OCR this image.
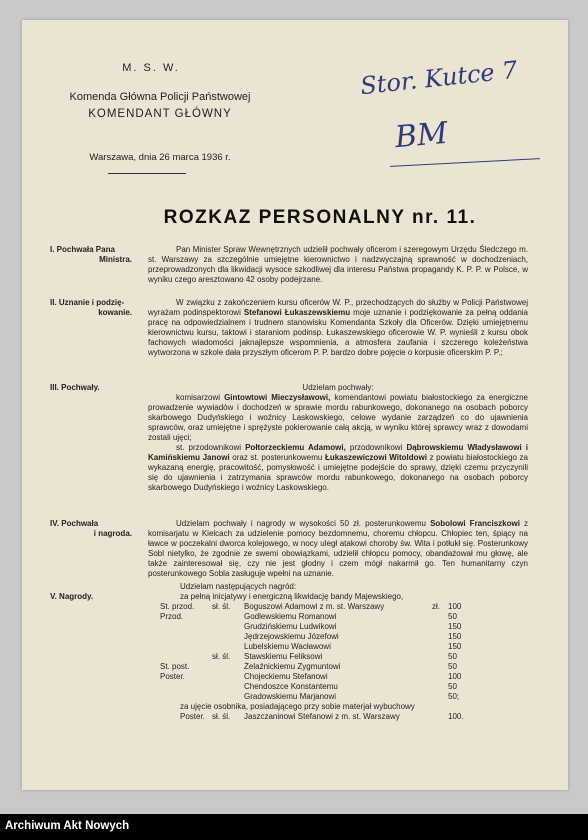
M. S. W.
Komenda Główna Policji Państwowej
KOMENDANT GŁÓWNY
Warszawa, dnia 26 marca 1936 r.
Stor. Kutce 7
BM
ROZKAZ PERSONALNY nr. 11.
I. Pochwała Pana
Ministra.

Pan Minister Spraw Wewnętrznych udzielił pochwały oficerom i szeregowym Urzędu Śledczego m. st. Warszawy za szczególnie umiejętne kierownictwo i nadzwyczajną sprawność w dochodzeniach, przeprowadzonych dla likwidacji wysoce szkodliwej dla interesu Państwa propagandy K. P. P. w Polsce, w wyniku czego aresztowano 42 osoby podejrzane.

II. Uznanie i podzię-
kowanie.

W związku z zakończeniem kursu oficerów W. P., przechodzących do służby w Policji Państwowej wyrażam podinspektorowi Stefanowi Łukaszewskiemu moje uznanie i podziękowanie za pełną oddania pracę na odpowiedzialnem i trudnem stanowisku Komendanta Szkoły dla Oficerów. Dzięki umiejętnemu kierownictwu kursu, taktowi i staraniom podinsp. Łukaszewskiego oficerowie W. P. wynieśli z kursu obok fachowych wiadomości jaknajlepsze wspomnienia, a atmosfera zaufania i szczerego koleżeństwa wytworzona w szkole dała przyszłym oficerom P. P. bardzo dobre pojęcie o korpusie oficerskim P. P.;

III. Pochwały.	Udzielam pochwały:

komisarzowi Gintowtowi Mieczysławowi, komendantowi powiatu białostockiego za energiczne prowadzenie wywiadów i dochodzeń w sprawie mordu rabunkowego, dokonanego na osobach poborcy skarbowego Dudyńskiego i woźnicy Laskowskiego, celowe wydanie zarządzeń co do ujawnienia sprawców, oraz umiejętne i sprężyste pokierowanie całą akcją, w wyniku której sprawcy wraz z dowodami zostali ujęci;

st. przodownikowi Połtorzeckiemu Adamowi, przodownikowi Dąbrowskiemu Władysławowi i Kamińskiemu Janowi oraz st. posterunkowemu Łukaszewiczowi Witoldowi z powiatu białostockiego za wykazaną energię, pracowitość, pomysłowość i umiejętne podejście do sprawy, dzięki czemu przyczynili się do ujawnienia i zatrzymania sprawców mordu rabunkowego, dokonanego na osobach poborcy skarbowego Dudyńskiego i woźnicy Laskowskiego.

IV. Pochwała
i nagroda.

Udzielam pochwały i nagrody w wysokości 50 zł. posterunkowemu Sobolowi Franciszkowi z komisarjatu w Kielcach za udzielenie pomocy bezdomnemu, choremu chłopcu. Chłopiec ten, śpiący na ławce w poczekalni dworca kolejowego, w nocy uległ atakowi choroby św. Wita i potłukł się. Posterunkowy Sobl nietylko, że zgodnie ze swemi obowiązkami, udzielił chłopcu pomocy, obandażował mu głowę, ale także zainteresował się, czy nie jest głodny i czem mógł nakarmił go. Ten humanitarny czyn posterunkowego Sobla zasługuje wpełni na uznanie.

V. Nagrody.
Udzielam następujących nagród:
za pełną inicjatywy i energiczną likwidację bandy Majewskiego,
St. przod. sł. śl. Boguszowi Adamowi z m. st. Warszawy	zł. 100
Przod.	Godlewskiemu Romanowi	50
Grudzińskiemu Ludwikowi	150
Jędrzejowskiemu Józefowi	150
Lubelskiemu Wacławowi	150
sł. śl. Stawskiemu Feliksowi	50
St. post.	Żelaźnickiemu Zygmuntowi	50
Poster.	Chojeckiemu Stefanowi	100
Chendoszce Konstantemu	50
Gradowskiemu Marjanowi	50;
za ujęcie osobnika, posiadającego przy sobie materjał wybuchowy
Poster. sł. śl. Jaszczaninowi Stefanowi z m. st. Warszawy	100.
Archiwum Akt Nowych
